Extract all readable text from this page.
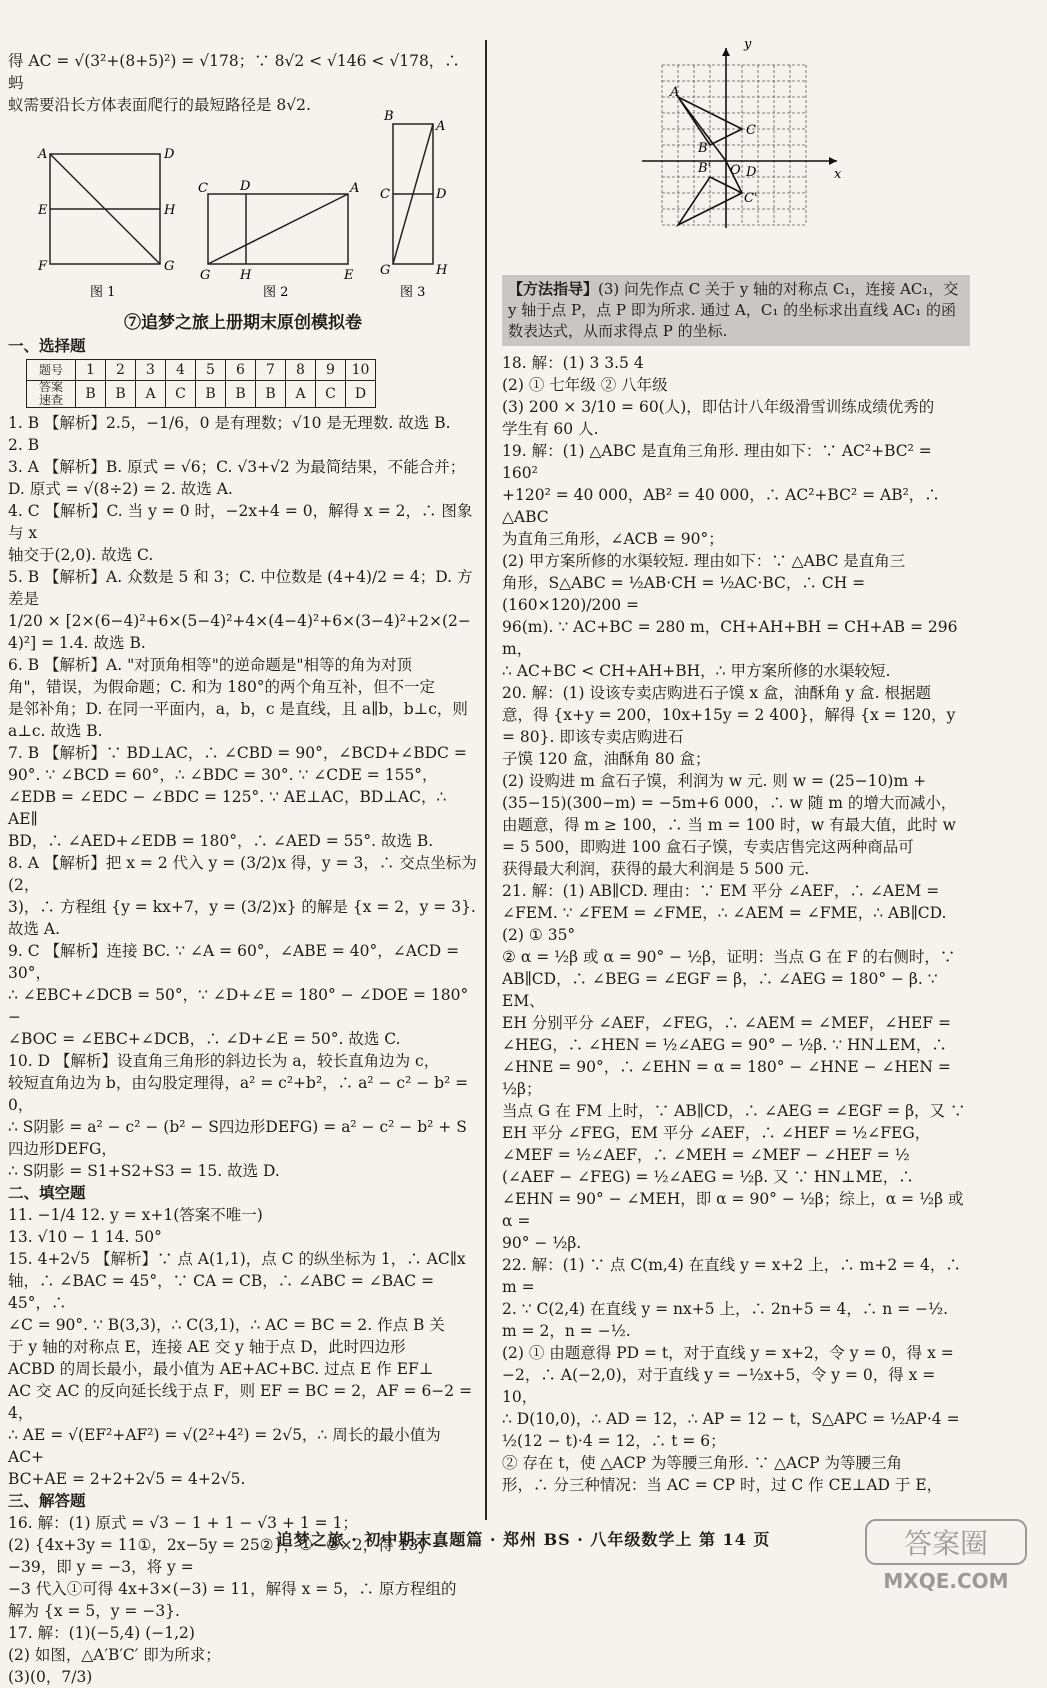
得 AC = √(3²+(8+5)²) = √178；∵ 8√2 < √146 < √178，∴ 蚂

蚁需要沿长方体表面爬行的最短路径是 8√2.

A	D
E	H
F	G
图 1
C D	A
G H	E
图 2
B
A
C	D
G	H
图 3
⑦追梦之旅上册期末原创模拟卷
一、选择题
题号	1	2	3	4	5	6	7	8	9	10
答案
速查	B	B	A	C	B	B	B	A	C	D

1. B 【解析】2.5，−1/6，0 是有理数；√10 是无理数. 故选 B.

2. B

3. A 【解析】B. 原式 = √6；C. √3+√2 为最简结果，不能合并；

D. 原式 = √(8÷2) = 2. 故选 A.

4. C 【解析】C. 当 y = 0 时，−2x+4 = 0，解得 x = 2，∴ 图象与 x

轴交于(2,0). 故选 C.

5. B 【解析】A. 众数是 5 和 3；C. 中位数是 (4+4)/2 = 4；D. 方差是

1/20 × [2×(6−4)²+6×(5−4)²+4×(4−4)²+6×(3−4)²+2×(2−

4)²] = 1.4. 故选 B.

6. B 【解析】A. "对顶角相等"的逆命题是"相等的角为对顶

角"，错误，为假命题；C. 和为 180°的两个角互补，但不一定

是邻补角；D. 在同一平面内，a，b，c 是直线，且 a∥b，b⊥c，则

a⊥c. 故选 B.

7. B 【解析】∵ BD⊥AC，∴ ∠CBD = 90°，∠BCD+∠BDC =

90°. ∵ ∠BCD = 60°，∴ ∠BDC = 30°. ∵ ∠CDE = 155°，

∠EDB = ∠EDC − ∠BDC = 125°. ∵ AE⊥AC，BD⊥AC，∴ AE∥

BD，∴ ∠AED+∠EDB = 180°，∴ ∠AED = 55°. 故选 B.

8. A 【解析】把 x = 2 代入 y = (3/2)x 得，y = 3，∴ 交点坐标为(2，

3)，∴ 方程组 {y = kx+7，y = (3/2)x} 的解是 {x = 2，y = 3}. 故选 A.

9. C 【解析】连接 BC. ∵ ∠A = 60°，∠ABE = 40°，∠ACD = 30°，

∴ ∠EBC+∠DCB = 50°，∵ ∠D+∠E = 180° − ∠DOE = 180° −

∠BOC = ∠EBC+∠DCB，∴ ∠D+∠E = 50°. 故选 C.

10. D 【解析】设直角三角形的斜边长为 a，较长直角边为 c，

较短直角边为 b，由勾股定理得，a² = c²+b²，∴ a² − c² − b² = 0，

∴ S阴影 = a² − c² − (b² − S四边形DEFG) = a² − c² − b² + S四边形DEFG，

∴ S阴影 = S1+S2+S3 = 15. 故选 D.

二、填空题

11. −1/4 12. y = x+1(答案不唯一)

13. √10 − 1 14. 50°

15. 4+2√5 【解析】∵ 点 A(1,1)，点 C 的纵坐标为 1，∴ AC∥x

轴，∴ ∠BAC = 45°，∵ CA = CB，∴ ∠ABC = ∠BAC = 45°，∴

∠C = 90°. ∵ B(3,3)，∴ C(3,1)，∴ AC = BC = 2. 作点 B 关

于 y 轴的对称点 E，连接 AE 交 y 轴于点 D，此时四边形

ACBD 的周长最小，最小值为 AE+AC+BC. 过点 E 作 EF⊥

AC 交 AC 的反向延长线于点 F，则 EF = BC = 2，AF = 6−2 = 4，

∴ AE = √(EF²+AF²) = √(2²+4²) = 2√5，∴ 周长的最小值为 AC+

BC+AE = 2+2+2√5 = 4+2√5.

三、解答题

16. 解：(1) 原式 = √3 − 1 + 1 − √3 + 1 = 1；

(2) {4x+3y = 11①，2x−5y = 25②}，①−②×2，得 13y = −39，即 y = −3，将 y =

−3 代入①可得 4x+3×(−3) = 11，解得 x = 5，∴ 原方程组的

解为 {x = 5，y = −3}.

17. 解：(1)(−5,4) (−1,2)

(2) 如图，△A′B′C′ 即为所求；

(3)(0，7/3)

y
x
A
C
B
B'	D
C'
O
【方法指导】(3) 问先作点 C 关于 y 轴的对称点 C₁，连接 AC₁，交 y 轴于点 P，点 P 即为所求. 通过 A，C₁ 的坐标求出直线 AC₁ 的函数表达式，从而求得点 P 的坐标.

18. 解：(1) 3 3.5 4

(2) ① 七年级 ② 八年级

(3) 200 × 3/10 = 60(人)，即估计八年级滑雪训练成绩优秀的

学生有 60 人.

19. 解：(1) △ABC 是直角三角形. 理由如下：∵ AC²+BC² = 160²

+120² = 40 000，AB² = 40 000，∴ AC²+BC² = AB²，∴ △ABC

为直角三角形，∠ACB = 90°；

(2) 甲方案所修的水渠较短. 理由如下：∵ △ABC 是直角三

角形，S△ABC = ½AB·CH = ½AC·BC，∴ CH = (160×120)/200 =

96(m). ∵ AC+BC = 280 m，CH+AH+BH = CH+AB = 296 m，

∴ AC+BC < CH+AH+BH，∴ 甲方案所修的水渠较短.

20. 解：(1) 设该专卖店购进石子馍 x 盒，油酥角 y 盒. 根据题

意，得 {x+y = 200，10x+15y = 2 400}，解得 {x = 120，y = 80}. 即该专卖店购进石

子馍 120 盒，油酥角 80 盒；

(2) 设购进 m 盒石子馍，利润为 w 元. 则 w = (25−10)m +

(35−15)(300−m) = −5m+6 000，∴ w 随 m 的增大而减小，

由题意，得 m ≥ 100，∴ 当 m = 100 时，w 有最大值，此时 w

= 5 500，即购进 100 盒石子馍，专卖店售完这两种商品可

获得最大利润，获得的最大利润是 5 500 元.

21. 解：(1) AB∥CD. 理由：∵ EM 平分 ∠AEF，∴ ∠AEM =

∠FEM. ∵ ∠FEM = ∠FME，∴ ∠AEM = ∠FME，∴ AB∥CD.

(2) ① 35°

② α = ½β 或 α = 90° − ½β，证明：当点 G 在 F 的右侧时，∵

AB∥CD，∴ ∠BEG = ∠EGF = β，∴ ∠AEG = 180° − β. ∵ EM、

EH 分别平分 ∠AEF，∠FEG，∴ ∠AEM = ∠MEF，∠HEF =

∠HEG，∴ ∠HEN = ½∠AEG = 90° − ½β. ∵ HN⊥EM，∴

∠HNE = 90°，∴ ∠EHN = α = 180° − ∠HNE − ∠HEN = ½β；

当点 G 在 FM 上时，∵ AB∥CD，∴ ∠AEG = ∠EGF = β，又 ∵

EH 平分 ∠FEG，EM 平分 ∠AEF，∴ ∠HEF = ½∠FEG，

∠MEF = ½∠AEF，∴ ∠MEH = ∠MEF − ∠HEF = ½

(∠AEF − ∠FEG) = ½∠AEG = ½β. 又 ∵ HN⊥ME，∴

∠EHN = 90° − ∠MEH，即 α = 90° − ½β；综上，α = ½β 或 α =

90° − ½β.

22. 解：(1) ∵ 点 C(m,4) 在直线 y = x+2 上，∴ m+2 = 4，∴ m =

2. ∵ C(2,4) 在直线 y = nx+5 上，∴ 2n+5 = 4，∴ n = −½.

m = 2，n = −½.

(2) ① 由题意得 PD = t，对于直线 y = x+2，令 y = 0，得 x =

−2，∴ A(−2,0)，对于直线 y = −½x+5，令 y = 0，得 x = 10，

∴ D(10,0)，∴ AD = 12，∴ AP = 12 − t，S△APC = ½AP·4 =

½(12 − t)·4 = 12，∴ t = 6；

② 存在 t，使 △ACP 为等腰三角形. ∵ △ACP 为等腰三角

形，∴ 分三种情况：当 AC = CP 时，过 C 作 CE⊥AD 于 E，

追梦之旅 · 初中期末真题篇 · 郑州 BS · 八年级数学上 第 14 页	答案圈
MXQE.COM
